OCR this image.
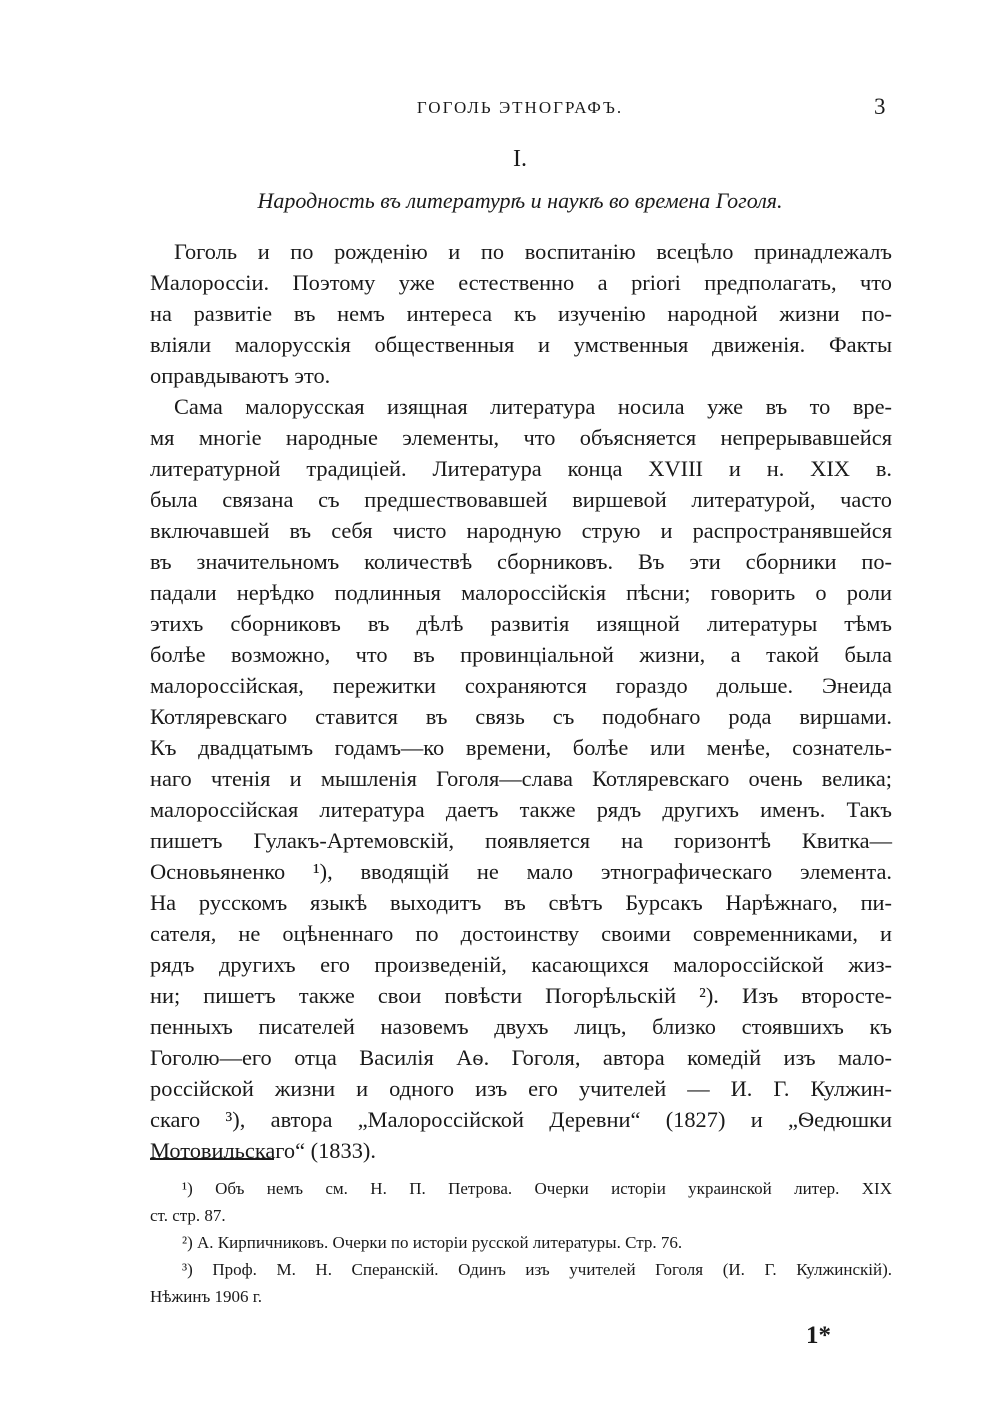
ГОГОЛЬ ЭТНОГРАФЪ.	3
I.
Народность въ литературѣ и наукѣ во времена Гоголя.
Гоголь и по рожденію и по воспитанію всецѣло принадлежалъ
Малороссіи. Поэтому уже естественно а priori предполагать, что
на развитіе въ немъ интереса къ изученію народной жизни по-
вліяли малорусскія общественныя и умственныя движенія. Факты
оправдываютъ это.
Сама малорусская изящная литература носила уже въ то вре-
мя многіе народные элементы, что объясняется непрерывавшейся
литературной традиціей. Литература конца XVIII и н. XIX в.
была связана съ предшествовавшей виршевой литературой, часто
включавшей въ себя чисто народную струю и распространявшейся
въ значительномъ количествѣ сборниковъ. Въ эти сборники по-
падали нерѣдко подлинныя малороссійскія пѣсни; говорить о роли
этихъ сборниковъ въ дѣлѣ развитія изящной литературы тѣмъ
болѣе возможно, что въ провинціальной жизни, а такой была
малороссійская, пережитки сохраняются гораздо дольше. Энеида
Котляревскаго ставится въ связь съ подобнаго рода виршами.
Къ двадцатымъ годамъ—ко времени, болѣе или менѣе, сознатель-
наго чтенія и мышленія Гоголя—слава Котляревскаго очень велика;
малороссійская литература даетъ также рядъ другихъ именъ. Такъ
пишетъ Гулакъ-Артемовскій, появляется на горизонтѣ Квитка—
Основьяненко ¹), вводящій не мало этнографическаго элемента.
На русскомъ языкѣ выходитъ въ свѣтъ Бурсакъ Нарѣжнаго, пи-
сателя, не оцѣненнаго по достоинству своими современниками, и
рядъ другихъ его произведеній, касающихся малороссійской жиз-
ни; пишетъ также свои повѣсти Погорѣльскій ²). Изъ второсте-
пенныхъ писателей назовемъ двухъ лицъ, близко стоявшихъ къ
Гоголю—его отца Василія Аѳ. Гоголя, автора комедій изъ мало-
россійской жизни и одного изъ его учителей — И. Г. Кулжин-
скаго ³), автора „Малороссійской Деревни“ (1827) и „Ѳедюшки
Мотовильскаго“ (1833).
¹) Объ немъ см. Н. П. Петрова. Очерки исторіи украинской литер. XIX
ст. стр. 87.
²) А. Кирпичниковъ. Очерки по исторіи русской литературы. Стр. 76.
³) Проф. М. Н. Сперанскій. Одинъ изъ учителей Гоголя (И. Г. Кулжинскій).
Нѣжинъ 1906 г.
1*
